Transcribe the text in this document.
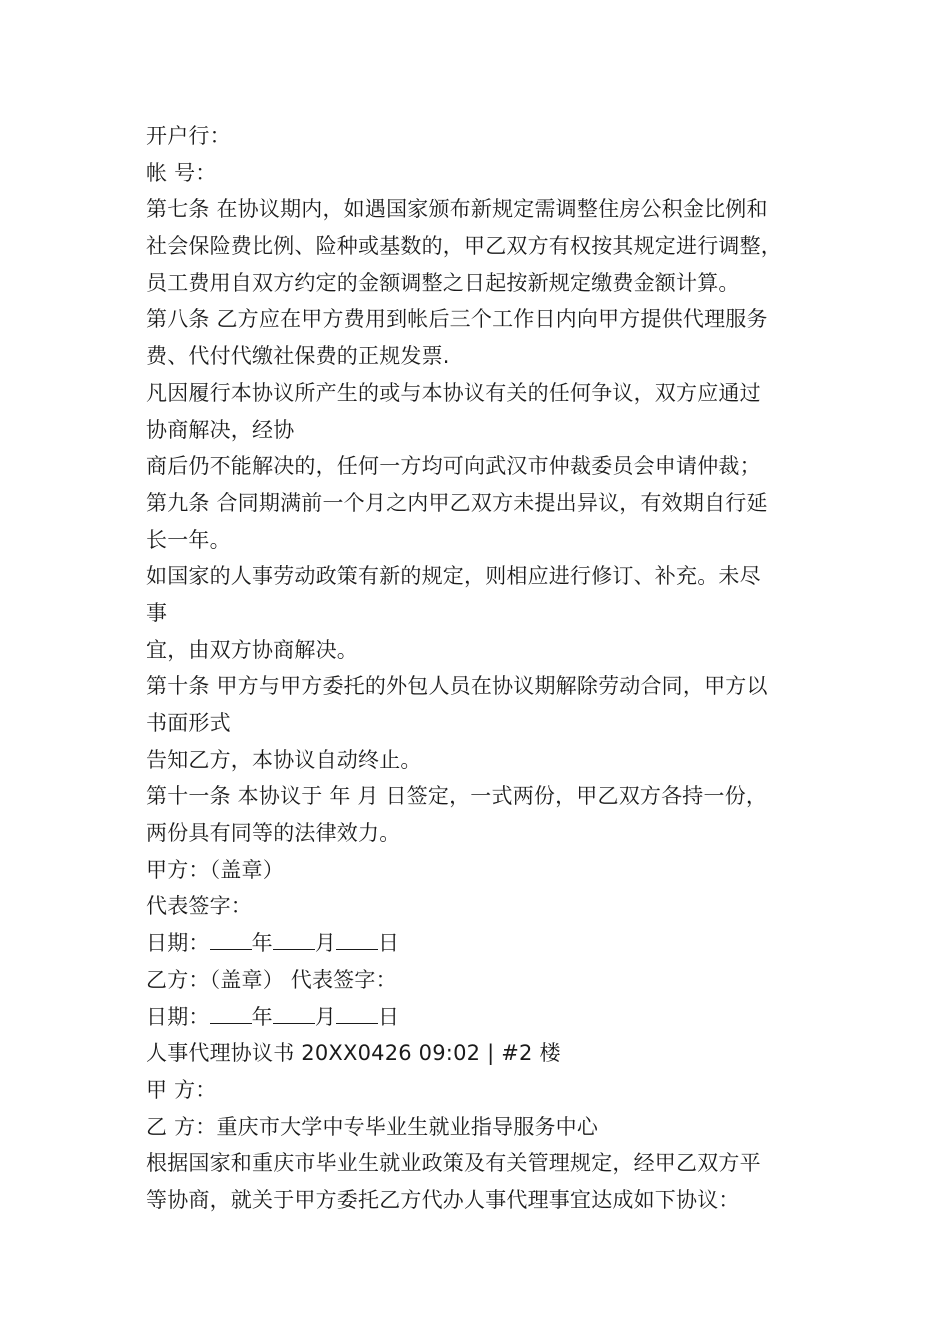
开户行：
帐 号：
第七条 在协议期内，如遇国家颁布新规定需调整住房公积金比例和
社会保险费比例、险种或基数的，甲乙双方有权按其规定进行调整，
员工费用自双方约定的金额调整之日起按新规定缴费金额计算。
第八条 乙方应在甲方费用到帐后三个工作日内向甲方提供代理服务
费、代付代缴社保费的正规发票.
凡因履行本协议所产生的或与本协议有关的任何争议，双方应通过
协商解决，经协
商后仍不能解决的，任何一方均可向武汉市仲裁委员会申请仲裁；
第九条 合同期满前一个月之内甲乙双方未提出异议，有效期自行延
长一年。
如国家的人事劳动政策有新的规定，则相应进行修订、补充。未尽
事
宜，由双方协商解决。
第十条 甲方与甲方委托的外包人员在协议期解除劳动合同，甲方以
书面形式
告知乙方，本协议自动终止。
第十一条 本协议于 年 月 日签定，一式两份，甲乙双方各持一份，
两份具有同等的法律效力。
甲方：（盖章）
代表签字：
日期： 年 月 日
乙方：（盖章） 代表签字：
日期： 年 月 日
人事代理协议书 20XX0426 09:02 | #2 楼
甲 方：
乙 方：重庆市大学中专毕业生就业指导服务中心
根据国家和重庆市毕业生就业政策及有关管理规定，经甲乙双方平
等协商，就关于甲方委托乙方代办人事代理事宜达成如下协议：
